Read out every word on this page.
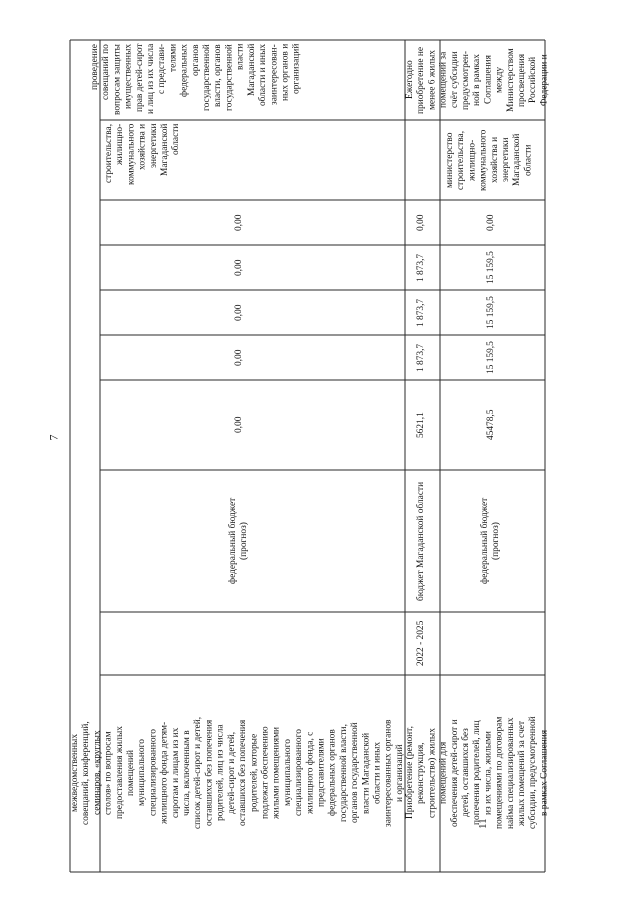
7
межведомственных
совещаний, конференций,
семинаров, «круглых
столов» по вопросам
предоставления жилых
помещений
муниципального
специализированного
жилищного фонда детям-
сиротам и лицам из их
числа, включенным в
список детей-сирот и детей,
оставшихся без попечения
родителей, лиц из числа
детей-сирот и детей,
оставшихся без попечения
родителей, которые
подлежат обеспечению
жилыми помещениями
муниципального
специализированного
жилищного фонда, с
представителями
федеральных органов
государственной власти,
органов государственной
власти Магаданской
области и иных
заинтересованных органов
и организаций
федеральный бюджет
(прогноз)
0,00
0,00
0,00
0,00
0,00
строительства,
жилищно-
коммунального
хозяйства и
энергетики
Магаданской
области
проведение
совещаний по
вопросам защиты
имущественных
прав детей-сирот
и лиц из их числа
с представи-
телями
федеральных
органов
государственной
власти, органов
государственной
власти
Магаданской
области и иных
заинтересован-
ных органов и
организаций
11
Приобретение (ремонт,
реконструкция,
строительство) жилых
помещений для
обеспечения детей-сирот и
детей, оставшихся без
попечения родителей, лиц
из их числа, жилыми
помещениями по договорам
найма специализированных
жилых помещений за счет
субсидии, предусмотренной
в рамках Соглашения
2022 - 2025
бюджет Магаданской области
5621,1
1 873,7
1 873,7
1 873,7
0,00
федеральный бюджет
(прогноз)
45478,5
15 159,5
15 159,5
15 159,5
0,00
министерство
строительства,
жилищно-
коммунального
хозяйства и
энергетики
Магаданской
области
Ежегодно
приобретение не
менее 6 жилых
помещений за
счёт субсидии
предусмотрен-
ной в рамках
Соглашения
между
Министерством
просвещения
Российской
Федерации и
